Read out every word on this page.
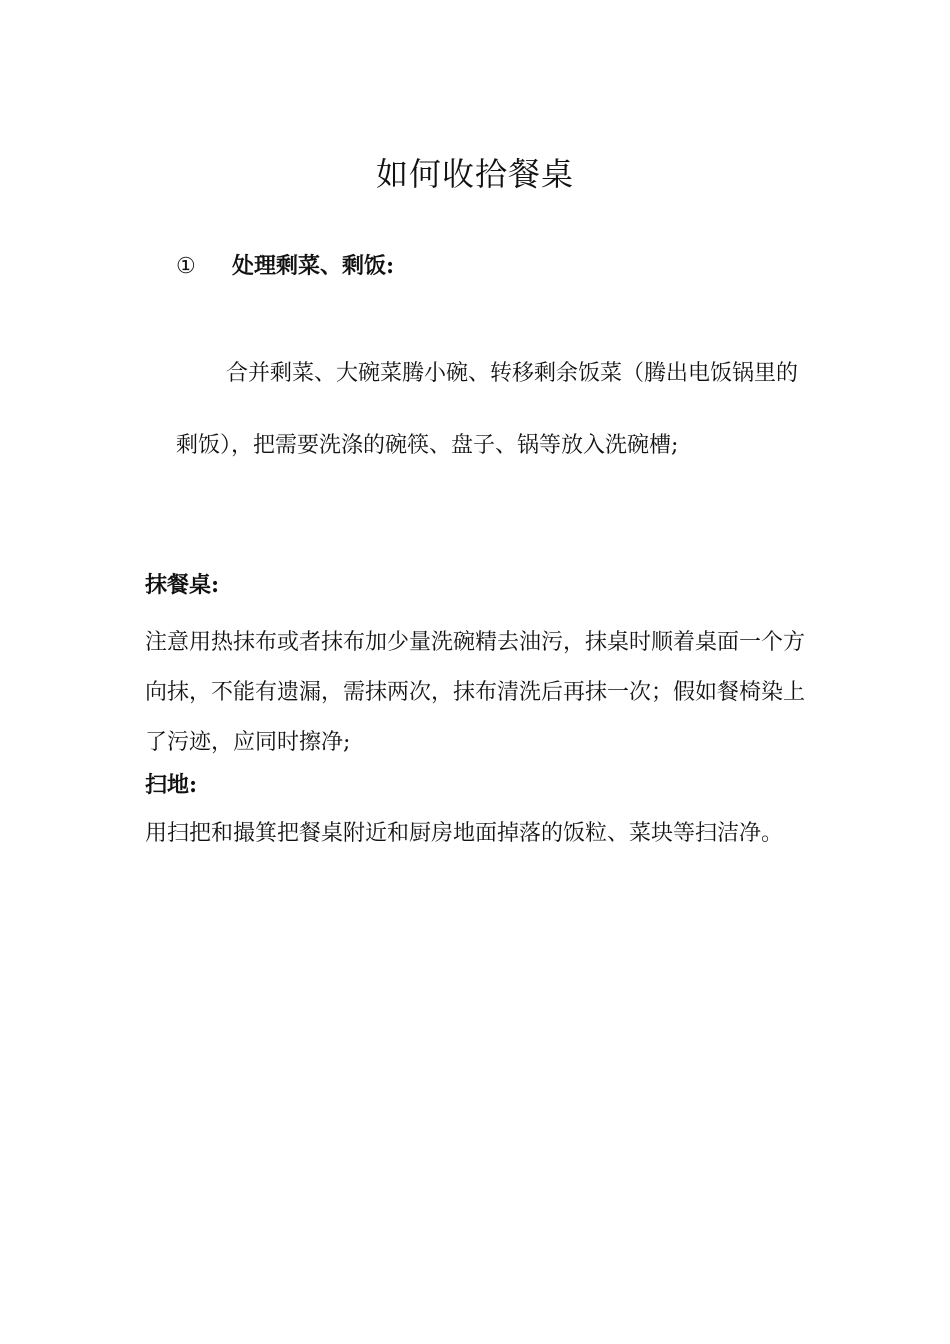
如何收拾餐桌
① 处理剩菜、剩饭:
合并剩菜、大碗菜腾小碗、转移剩余饭菜（腾出电饭锅里的剩饭），把需要洗涤的碗筷、盘子、锅等放入洗碗槽;
抹餐桌:
注意用热抹布或者抹布加少量洗碗精去油污，抹桌时顺着桌面一个方向抹，不能有遗漏，需抹两次，抹布清洗后再抹一次；假如餐椅染上了污迹，应同时擦净;
扫地:
用扫把和撮箕把餐桌附近和厨房地面掉落的饭粒、菜块等扫洁净。
